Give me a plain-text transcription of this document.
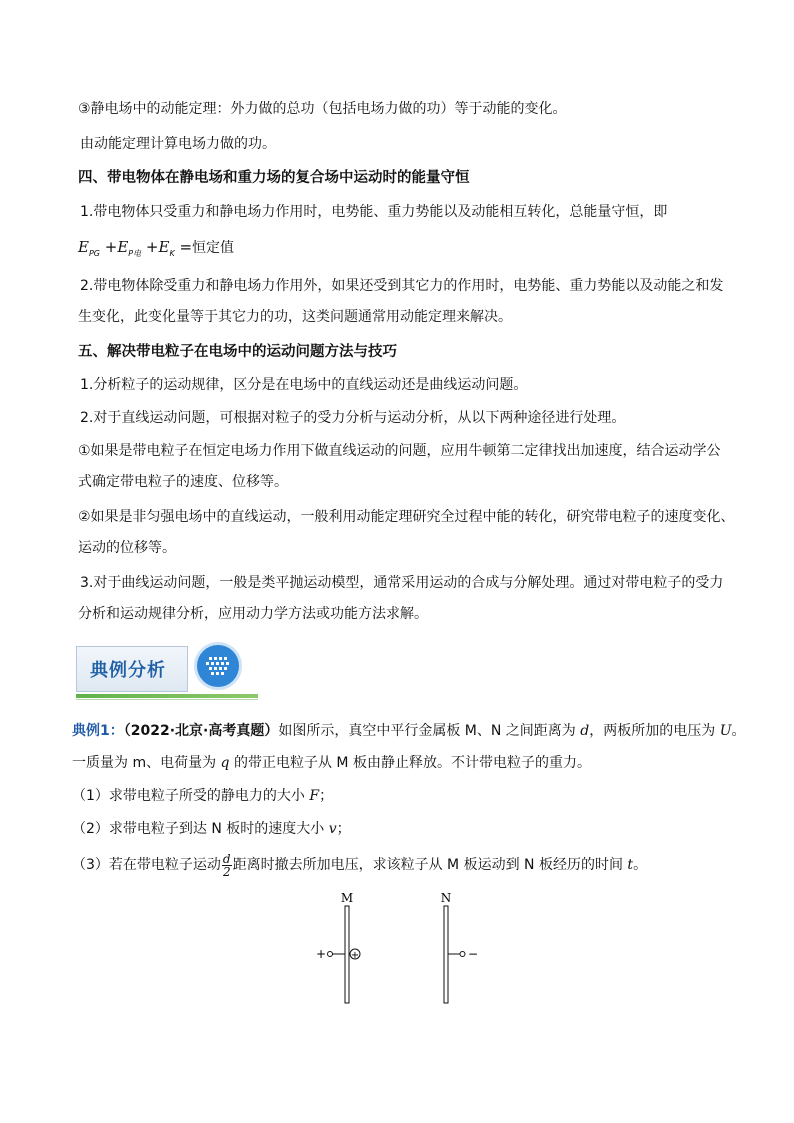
③静电场中的动能定理：外力做的总功（包括电场力做的功）等于动能的变化。
由动能定理计算电场力做的功。
四、带电物体在静电场和重力场的复合场中运动时的能量守恒
1.带电物体只受重力和静电场力作用时，电势能、重力势能以及动能相互转化，总能量守恒，即
$E_{PG} +E_{P电} +E_K$ =恒定值
2.带电物体除受重力和静电场力作用外，如果还受到其它力的作用时，电势能、重力势能以及动能之和发
生变化，此变化量等于其它力的功，这类问题通常用动能定理来解决。
五、解决带电粒子在电场中的运动问题方法与技巧
1.分析粒子的运动规律，区分是在电场中的直线运动还是曲线运动问题。
2.对于直线运动问题，可根据对粒子的受力分析与运动分析，从以下两种途径进行处理。
①如果是带电粒子在恒定电场力作用下做直线运动的问题，应用牛顿第二定律找出加速度，结合运动学公
式确定带电粒子的速度、位移等。
②如果是非匀强电场中的直线运动，一般利用动能定理研究全过程中能的转化，研究带电粒子的速度变化、
运动的位移等。
3.对于曲线运动问题，一般是类平抛运动模型，通常采用运动的合成与分解处理。通过对带电粒子的受力
分析和运动规律分析，应用动力学方法或功能方法求解。
典例分析
典例1：（2022·北京·高考真题）如图所示，真空中平行金属板 M、N 之间距离为 d，两板所加的电压为 U。
一质量为 m、电荷量为 q 的带正电粒子从 M 板由静止释放。不计带电粒子的重力。
（1）求带电粒子所受的静电力的大小 F；
（2）求带电粒子到达 N 板时的速度大小 v；
（3）若在带电粒子运动 $\frac{d}{2}$ 距离时撤去所加电压，求该粒子从 M 板运动到 N 板经历的时间 t。
M	N
+ +	−
